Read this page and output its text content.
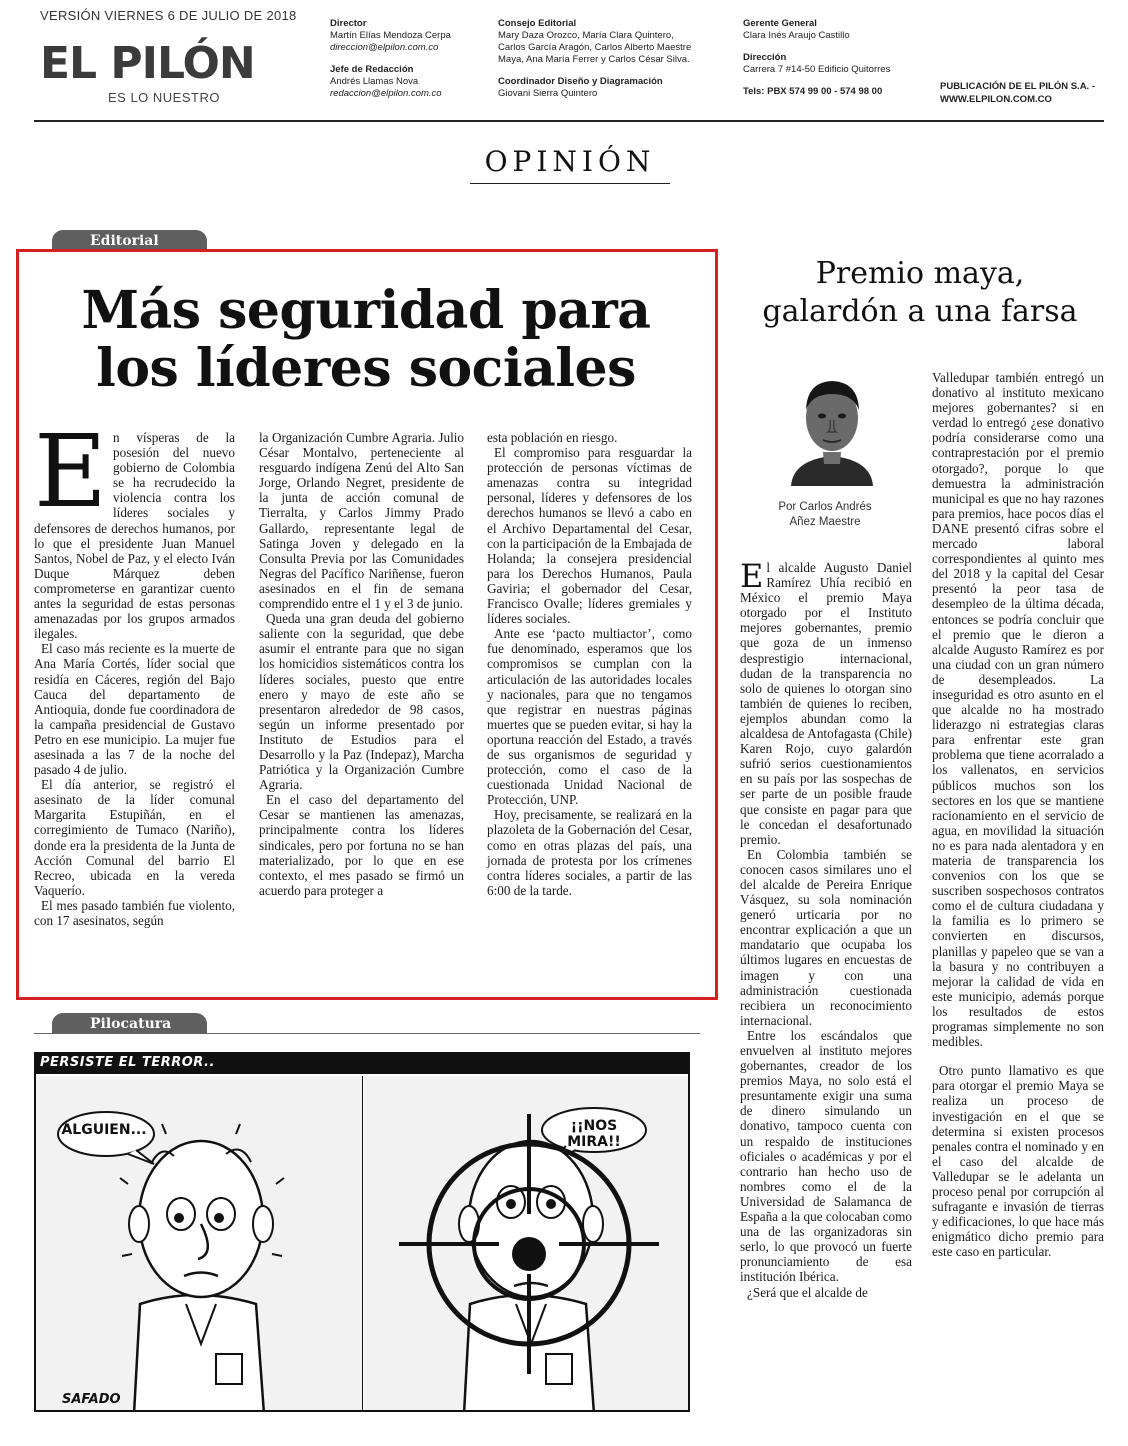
VERSIÓN VIERNES 6 DE JULIO DE 2018
EL PILÓN
ES LO NUESTRO
Director
Martín Elías Mendoza Cerpa
direccion@elpilon.com.co
Jefe de Redacción
Andrés Llamas Nova
redaccion@elpilon.com.co
Consejo Editorial
Mary Daza Orozco, María Clara Quintero,
Carlos García Aragón, Carlos Alberto Maestre
Maya, Ana María Ferrer y Carlos César Silva.
Coordinador Diseño y Diagramación
Giovani Sierra Quintero
Gerente General
Clara Inés Araujo Castillo
Dirección
Carrera 7 #14-50 Edificio Quitorres
Tels: PBX 574 99 00 - 574 98 00	PUBLICACIÓN DE EL PILÓN S.A. -
WWW.ELPILON.COM.CO
OPINIÓN
Editorial
Más seguridad para
los líderes sociales
E n vísperas de la posesión del nuevo gobierno de Colombia se ha recrudecido la violencia contra los líderes sociales y defensores de derechos humanos, por lo que el presidente Juan Manuel Santos, Nobel de Paz, y el electo Iván Duque Márquez deben comprometerse en garantizar cuento antes la seguridad de estas personas amenazadas por los grupos armados ilegales.

El caso más reciente es la muerte de Ana María Cortés, líder social que residía en Cáceres, región del Bajo Cauca del departamento de Antioquia, donde fue coordinadora de la campaña presidencial de Gustavo Petro en ese municipio. La mujer fue asesinada a las 7 de la noche del pasado 4 de julio.

El día anterior, se registró el asesinato de la líder comunal Margarita Estupiñán, en el corregimiento de Tumaco (Nariño), donde era la presidenta de la Junta de Acción Comunal del barrio El Recreo, ubicada en la vereda Vaquerío.

El mes pasado también fue violento, con 17 asesinatos, según

la Organización Cumbre Agraria. Julio César Montalvo, perteneciente al resguardo indígena Zenú del Alto San Jorge, Orlando Negret, presidente de la junta de acción comunal de Tierralta, y Carlos Jimmy Prado Gallardo, representante legal de Satinga Joven y delegado en la Consulta Previa por las Comunidades Negras del Pacífico Nariñense, fueron asesinados en el fin de semana comprendido entre el 1 y el 3 de junio.

Queda una gran deuda del gobierno saliente con la seguridad, que debe asumir el entrante para que no sigan los homicidios sistemáticos contra los líderes sociales, puesto que entre enero y mayo de este año se presentaron alrededor de 98 casos, según un informe presentado por Instituto de Estudios para el Desarrollo y la Paz (Indepaz), Marcha Patriótica y la Organización Cumbre Agraria.

En el caso del departamento del Cesar se mantienen las amenazas, principalmente contra los líderes sindicales, pero por fortuna no se han materializado, por lo que en ese contexto, el mes pasado se firmó un acuerdo para proteger a

esta población en riesgo.

El compromiso para resguardar la protección de personas víctimas de amenazas contra su integridad personal, líderes y defensores de los derechos humanos se llevó a cabo en el Archivo Departamental del Cesar, con la participación de la Embajada de Holanda; la consejera presidencial para los Derechos Humanos, Paula Gaviria; el gobernador del Cesar, Francisco Ovalle; líderes gremiales y líderes sociales.

Ante ese ‘pacto multiactor’, como fue denominado, esperamos que los compromisos se cumplan con la articulación de las autoridades locales y nacionales, para que no tengamos que registrar en nuestras páginas muertes que se pueden evitar, si hay la oportuna reacción del Estado, a través de sus organismos de seguridad y protección, como el caso de la cuestionada Unidad Nacional de Protección, UNP.

Hoy, precisamente, se realizará en la plazoleta de la Gobernación del Cesar, como en otras plazas del país, una jornada de protesta por los crímenes contra líderes sociales, a partir de las 6:00 de la tarde.

Premio maya,
galardón a una farsa
Por Carlos Andrés
Añez Maestre
E l alcalde Augusto Daniel Ramírez Uhía recibió en México el premio Maya otorgado por el Instituto mejores gobernantes, premio que goza de un inmenso desprestigio internacional, dudan de la transparencia no solo de quienes lo otorgan sino también de quienes lo reciben, ejemplos abundan como la alcaldesa de Antofagasta (Chile) Karen Rojo, cuyo galardón sufrió serios cuestionamientos en su país por las sospechas de ser parte de un posible fraude que consiste en pagar para que le concedan el desafortunado premio.

En Colombia también se conocen casos similares uno el del alcalde de Pereira Enrique Vásquez, su sola nominación generó urticaria por no encontrar explicación a que un mandatario que ocupaba los últimos lugares en encuestas de imagen y con una administración cuestionada recibiera un reconocimiento internacional.

Entre los escándalos que envuelven al instituto mejores gobernantes, creador de los premios Maya, no solo está el presuntamente exigir una suma de dinero simulando un donativo, tampoco cuenta con un respaldo de instituciones oficiales o académicas y por el contrario han hecho uso de nombres como el de la Universidad de Salamanca de España a la que colocaban como una de las organizadoras sin serlo, lo que provocó un fuerte pronunciamiento de esa institución Ibérica.

¿Será que el alcalde de

Valledupar también entregó un donativo al instituto mexicano mejores gobernantes? si en verdad lo entregó ¿ese donativo podría considerarse como una contraprestación por el premio otorgado?, porque lo que demuestra la administración municipal es que no hay razones para premios, hace pocos días el DANE presentó cifras sobre el mercado laboral correspondientes al quinto mes del 2018 y la capital del Cesar presentó la peor tasa de desempleo de la última década, entonces se podría concluir que el premio que le dieron a alcalde Augusto Ramírez es por una ciudad con un gran número de desempleados. La inseguridad es otro asunto en el que alcalde no ha mostrado liderazgo ni estrategias claras para enfrentar este gran problema que tiene acorralado a los vallenatos, en servicios públicos muchos son los sectores en los que se mantiene racionamiento en el servicio de agua, en movilidad la situación no es para nada alentadora y en materia de transparencia los convenios con los que se suscriben sospechosos contratos como el de cultura ciudadana y la familia es lo primero se convierten en discursos, planillas y papeleo que se van a la basura y no contribuyen a mejorar la calidad de vida en este municipio, además porque los resultados de estos programas simplemente no son medibles.

Otro punto llamativo es que para otorgar el premio Maya se realiza un proceso de investigación en el que se determina si existen procesos penales contra el nominado y en el caso del alcalde de Valledupar se le adelanta un proceso penal por corrupción al sufragante e invasión de tierras y edificaciones, lo que hace más enigmático dicho premio para este caso en particular.

Pilocatura
PERSISTE EL TERROR..
ALGUIEN...	¡¡NOS MIRA!!
SAFADO
